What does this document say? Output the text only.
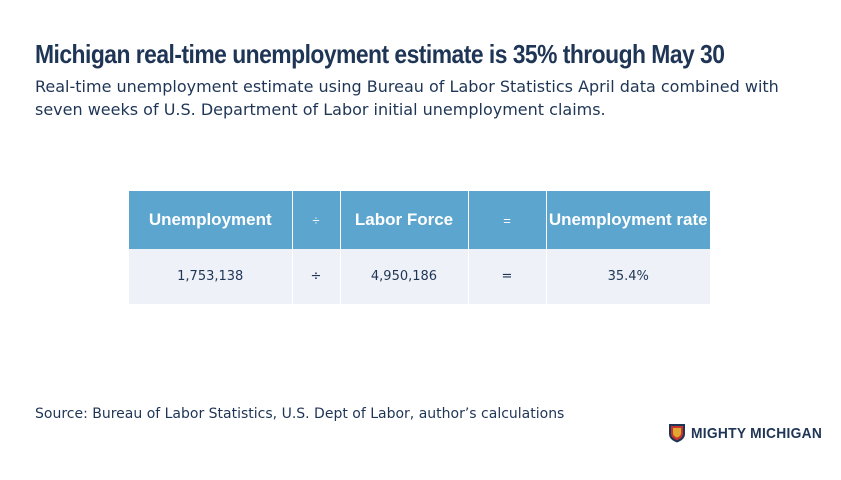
Michigan real-time unemployment estimate is 35% through May 30
Real-time unemployment estimate using Bureau of Labor Statistics April data combined with seven weeks of U.S. Department of Labor initial unemployment claims.
Unemployment	÷	Labor Force	=	Unemployment rate
1,753,138	÷	4,950,186	=	35.4%
Source: Bureau of Labor Statistics, U.S. Dept of Labor, author’s calculations
MIGHTY MICHIGAN
